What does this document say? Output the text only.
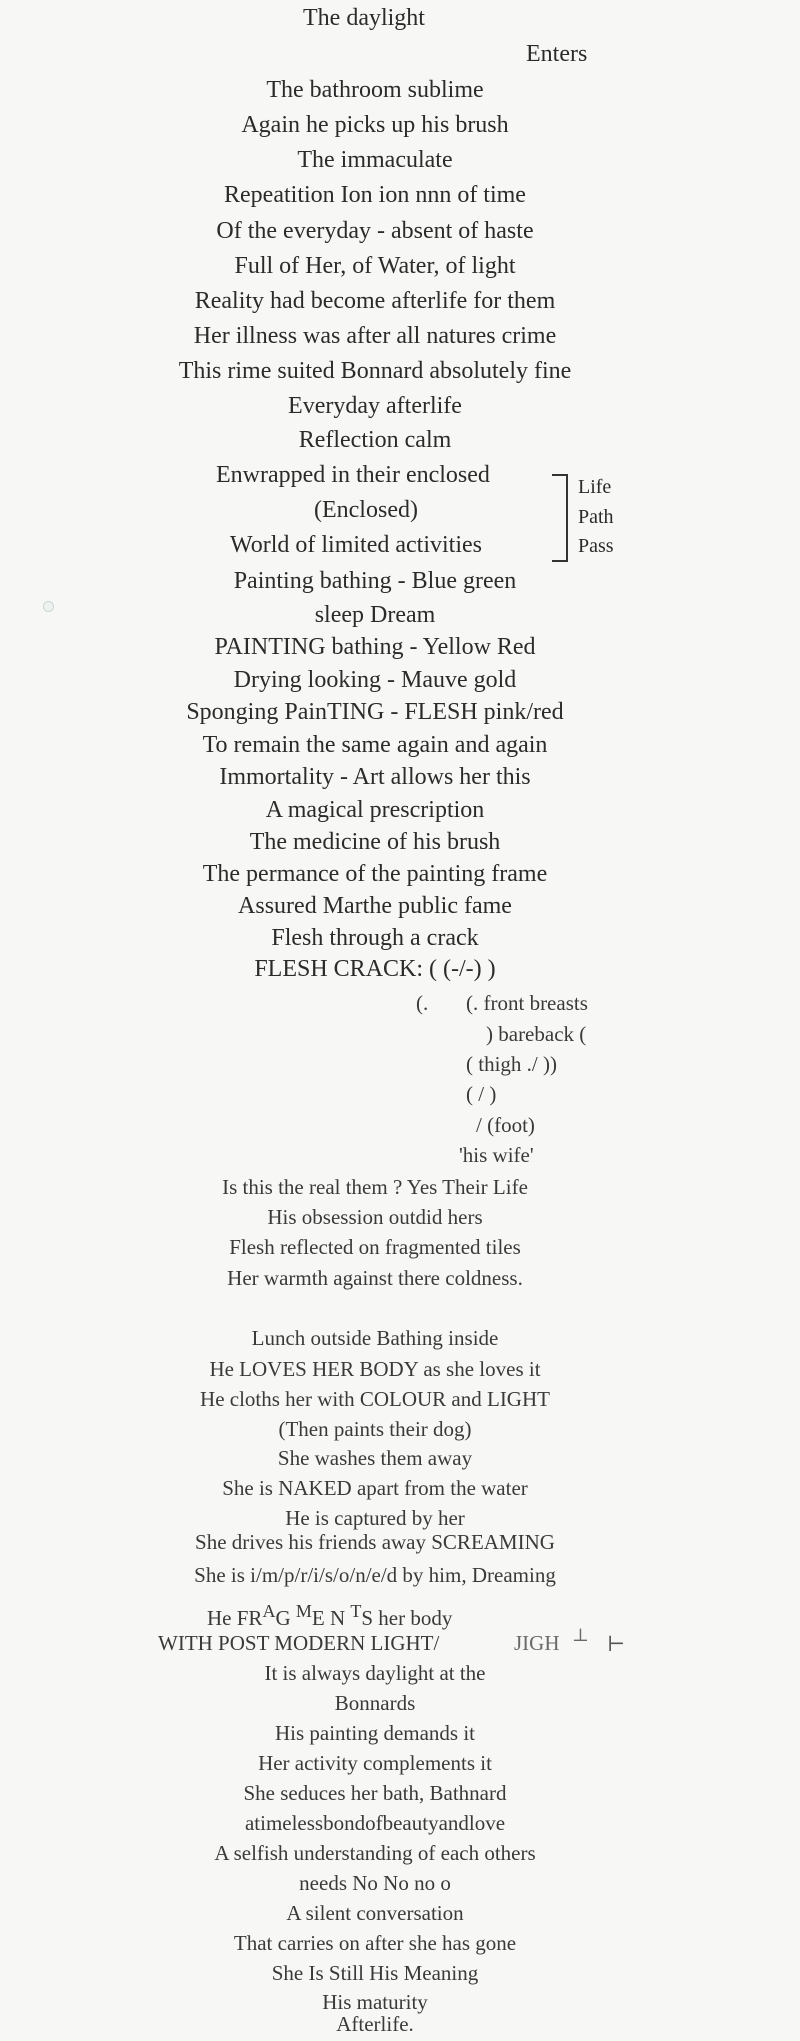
The daylight
Enters
The bathroom sublime
Again he picks up his brush
The immaculate
Repeatition Ion ion nnn of time
Of the everyday - absent of haste
Full of Her, of Water, of light
Reality had become afterlife for them
Her illness was after all natures crime
This rime suited Bonnard absolutely fine
Everyday afterlife
Reflection calm
Enwrapped in their enclosed
(Enclosed)
World of limited activities
Life
Path
Pass
Painting bathing - Blue green
sleep Dream
PAINTING bathing - Yellow Red
Drying looking - Mauve gold
Sponging PainTING - FLESH pink/red
To remain the same again and again
Immortality - Art allows her this
A magical prescription
The medicine of his brush
The permance of the painting frame
Assured Marthe public fame
Flesh through a crack
FLESH CRACK: ( (-/-) )
(. (. front breasts
) bareback (
( thigh ./ ))
( / )
/ (foot)
'his wife'
Is this the real them ? Yes Their Life
His obsession outdid hers
Flesh reflected on fragmented tiles
Her warmth against there coldness.
Lunch outside Bathing inside
He LOVES HER BODY as she loves it
He cloths her with COLOUR and LIGHT
(Then paints their dog)
She washes them away
She is NAKED apart from the water
He is captured by her
She drives his friends away SCREAMING
She is i/m/p/r/i/s/o/n/e/d by him, Dreaming
He FRAG ME N TS her body
WITH POST MODERN LIGHT/	JIGH ⊥ ⊢
It is always daylight at the
Bonnards
His painting demands it
Her activity complements it
She seduces her bath, Bathnard
atimelessbondofbeautyandlove
A selfish understanding of each others
needs No No no o
A silent conversation
That carries on after she has gone
She Is Still His Meaning
His maturity
Afterlife.
